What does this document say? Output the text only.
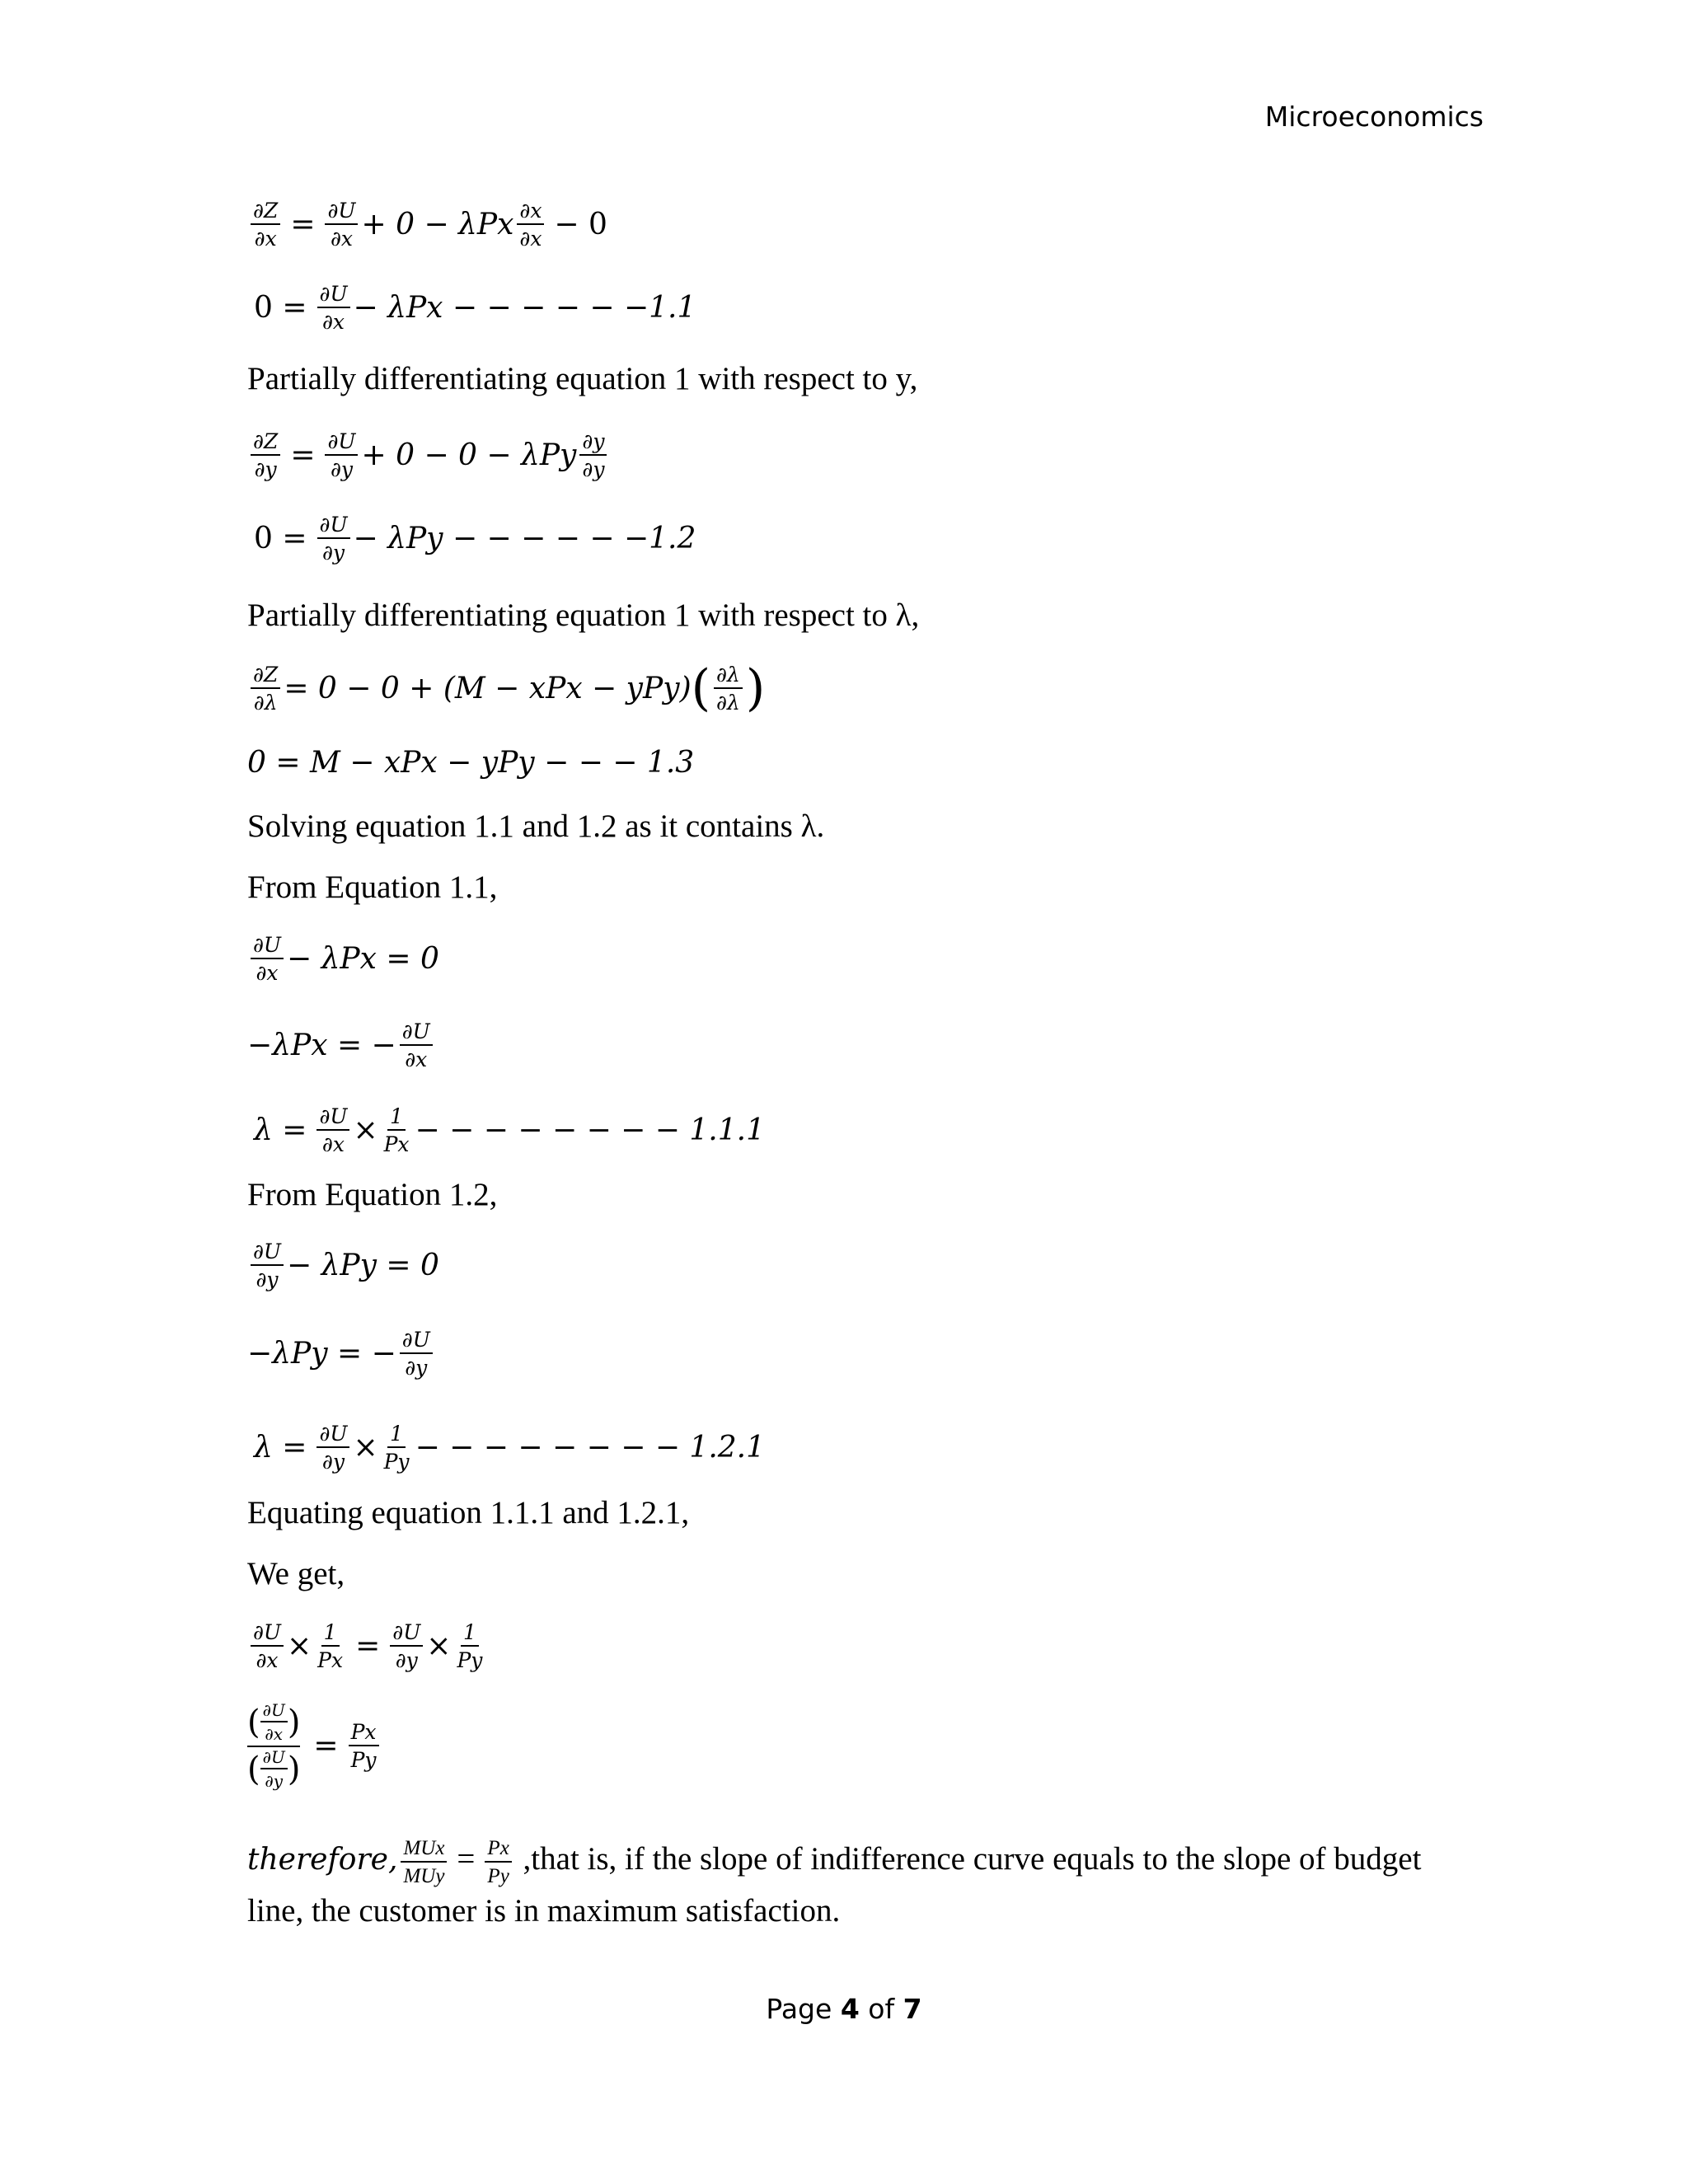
Microeconomics
$\frac{\partial Z}{\partial x} = \frac{\partial U}{\partial x} + 0 - \lambda Px \frac{\partial x}{\partial x} - 0$
$0 = \frac{\partial U}{\partial x} - \lambda Px$ − − − − − −1.1
Partially differentiating equation 1 with respect to y,
$\frac{\partial Z}{\partial y} = \frac{\partial U}{\partial y} + 0 - 0 - \lambda Py \frac{\partial y}{\partial y}$
$0 = \frac{\partial U}{\partial y} - \lambda Py$ − − − − − −1.2
Partially differentiating equation 1 with respect to λ,
$\frac{\partial Z}{\partial\lambda} = 0 - 0 + (M$ − xPx − yPy) ( $\frac{\partial\lambda}{\partial\lambda}$ )
0 = M − xPx − yPy − − − 1.3
Solving equation 1.1 and 1.2 as it contains λ.
From Equation 1.1,
$\frac{\partial U}{\partial x} - \lambda Px = 0$
−λPx = − $\frac{\partial U}{\partial x}$
$\lambda = \frac{\partial U}{\partial x} \times \frac{1}{Px}$ − − − − − − − − 1.1.1
From Equation 1.2,
$\frac{\partial U}{\partial y} - \lambda Py = 0$
−λPy = − $\frac{\partial U}{\partial y}$
$\lambda = \frac{\partial U}{\partial y} \times \frac{1}{Py}$ − − − − − − − − 1.2.1
Equating equation 1.1.1 and 1.2.1,
We get,
$\frac{\partial U}{\partial x} \times \frac{1}{Px} = \frac{\partial U}{\partial y} \times \frac{1}{Py}$
( $\frac{\partial U}{\partial x}$ )
( $\frac{\partial U}{\partial y}$ )
= $\frac{Px}{Py}$
therefore, $\frac{\text{MUx}}{\text{MUy}} = \frac{Px}{Py}$ ,that is, if the slope of indifference curve equals to the slope of budget line, the customer is in maximum satisfaction.
Page 4 of 7
